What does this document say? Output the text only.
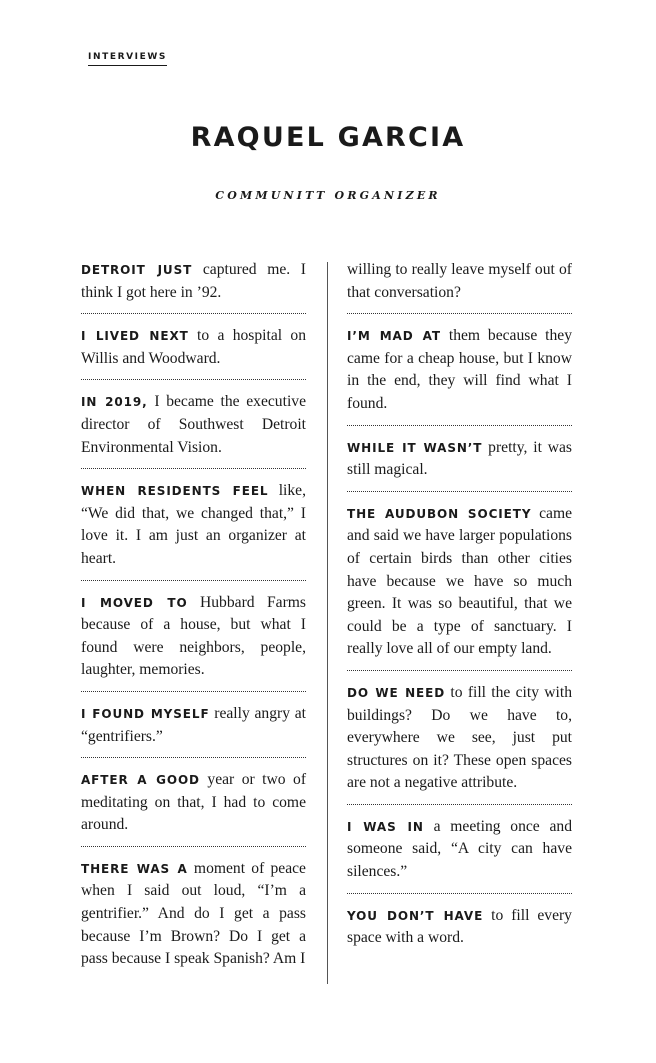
INTERVIEWS
RAQUEL GARCIA
COMMUNITT ORGANIZER

DETROIT JUST captured me. I think I got here in ’92.

I LIVED NEXT to a hospital on Willis and Woodward.

IN 2019, I became the executive director of Southwest Detroit Environmental Vision.

WHEN RESIDENTS FEEL like, “We did that, we changed that,” I love it. I am just an organizer at heart.

I MOVED TO Hubbard Farms because of a house, but what I found were neighbors, people, laughter, memories.

I FOUND MYSELF really angry at “gentrifiers.”

AFTER A GOOD year or two of meditating on that, I had to come around.

THERE WAS A moment of peace when I said out loud, “I’m a gentrifier.” And do I get a pass because I’m Brown? Do I get a pass because I speak Spanish? Am I

willing to really leave myself out of that conversation?

I’M MAD AT them because they came for a cheap house, but I know in the end, they will find what I found.

WHILE IT WASN’T pretty, it was still magical.

THE AUDUBON SOCIETY came and said we have larger populations of certain birds than other cities have because we have so much green. It was so beautiful, that we could be a type of sanctuary. I really love all of our empty land.

DO WE NEED to fill the city with buildings? Do we have to, everywhere we see, just put structures on it? These open spaces are not a negative attribute.

I WAS IN a meeting once and someone said, “A city can have silences.”

YOU DON’T HAVE to fill every space with a word.
